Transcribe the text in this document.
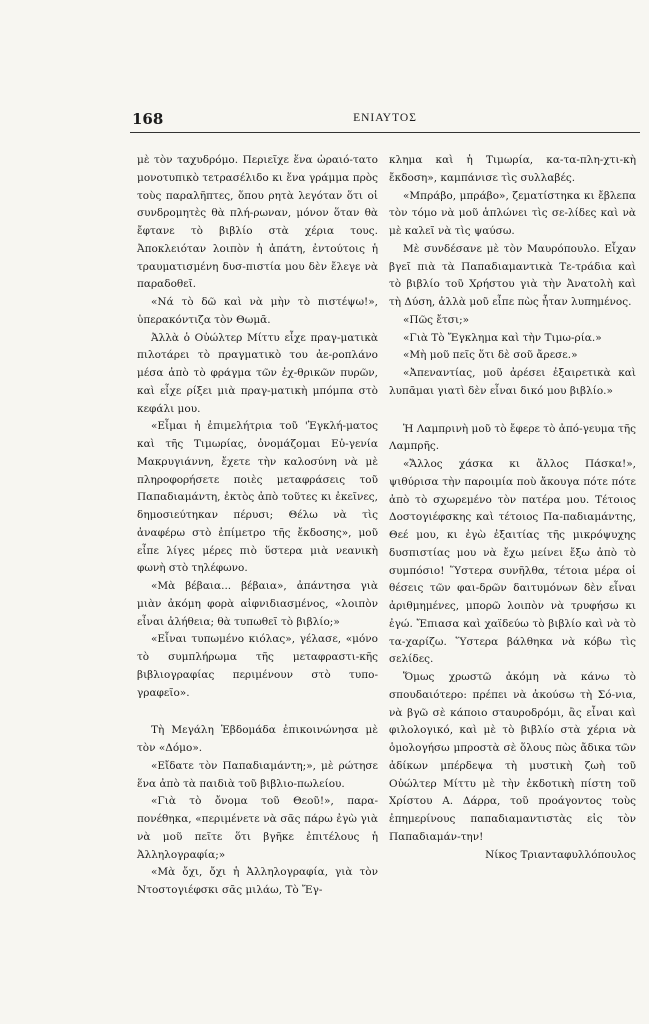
168	ΕΝΙΑΥΤΟΣ

μὲ τὸν ταχυδρόμο. Περιεῖχε ἕνα ὡραιό-τατο μονοτυπικὸ τετρασέλιδο κι ἕνα γράμμα πρὸς τοὺς παραλῆπτες, ὅπου ρητὰ λεγόταν ὅτι οἱ συνδρομητὲς θὰ πλή-ρωναν, μόνον ὅταν θὰ ἔφτανε τὸ βιβλίο στὰ χέρια τους. Ἀποκλειόταν λοιπὸν ἡ ἀπάτη, ἐντούτοις ἡ τραυματισμένη δυσ-πιστία μου δὲν ἔλεγε νὰ παραδοθεῖ.

«Νά τὸ δῶ καὶ νὰ μὴν τὸ πιστέψω!», ὑπερακόντιζα τὸν Θωμᾶ.

Ἀλλὰ ὁ Οὐώλτερ Μίττυ εἶχε πραγ-ματικὰ πιλοτάρει τὸ πραγματικὸ του ἀε-ροπλάνο μέσα ἀπὸ τὸ φράγμα τῶν ἐχ-θρικῶν πυρῶν, καὶ εἶχε ρίξει μιὰ πραγ-ματικὴ μπόμπα στὸ κεφάλι μου.

«Εἶμαι ἡ ἐπιμελήτρια τοῦ 'Ἐγκλή-ματος καὶ τῆς Τιμωρίας, ὀνομάζομαι Εὐ-γενία Μακρυγιάννη, ἔχετε τὴν καλοσύνη νὰ μὲ πληροφορήσετε ποιὲς μεταφράσεις τοῦ Παπαδιαμάντη, ἐκτὸς ἀπὸ τοῦτες κι ἐκεῖνες, δημοσιεύτηκαν πέρυσι; Θέλω νὰ τὶς ἀναφέρω στὸ ἐπίμετρο τῆς ἔκδοσης», μοῦ εἶπε λίγες μέρες πιὸ ὕστερα μιὰ νεανικὴ φωνὴ στὸ τηλέφωνο.

«Μὰ βέβαια... βέβαια», ἀπάντησα γιὰ μιὰν ἀκόμη φορὰ αἰφνιδιασμένος, «λοιπὸν εἶναι ἀλήθεια; θὰ τυπωθεῖ τὸ βιβλίο;»

«Εἶναι τυπωμένο κιόλας», γέλασε, «μόνο τὸ συμπλήρωμα τῆς μεταφραστι-κῆς βιβλιογραφίας περιμένουν στὸ τυπο-γραφεῖο».

Τὴ Μεγάλη Ἑβδομάδα ἐπικοινώνησα μὲ τὸν «Δόμο».

«Εἴδατε τὸν Παπαδιαμάντη;», μὲ ρώτησε ἕνα ἀπὸ τὰ παιδιὰ τοῦ βιβλιο-πωλείου.

«Γιὰ τὸ ὄνομα τοῦ Θεοῦ!», παρα-πονέθηκα, «περιμένετε νὰ σᾶς πάρω ἐγὼ γιὰ νὰ μοῦ πεῖτε ὅτι βγῆκε ἐπιτέλους ἡ Ἀλληλογραφία;»

«Μὰ ὄχι, ὄχι ἡ Ἀλληλογραφία, γιὰ τὸν Ντοστογιέφσκι σᾶς μιλάω, Τὸ Ἔγ-

κλημα καὶ ἡ Τιμωρία, κα-τα-πλη-χτι-κὴ ἔκδοση», καμπάνισε τὶς συλλαβές.

«Μπράβο, μπράβο», ζεματίστηκα κι ἔβλεπα τὸν τόμο νὰ μοῦ ἁπλώνει τὶς σε-λίδες καὶ νὰ μὲ καλεῖ νὰ τὶς ψαύσω.

Μὲ συνδέσανε μὲ τὸν Μαυρόπουλο. Εἶχαν βγεῖ πιὰ τὰ Παπαδιαμαντικὰ Τε-τράδια καὶ τὸ βιβλίο τοῦ Χρήστου γιὰ τὴν Ἀνατολὴ καὶ τὴ Δύση, ἀλλὰ μοῦ εἶπε πὼς ἦταν λυπημένος.

«Πῶς ἔτσι;»

«Γιὰ Τὸ Ἔγκλημα καὶ τὴν Τιμω-ρία.»

«Μὴ μοῦ πεῖς ὅτι δὲ σοῦ ἄρεσε.»

«Ἀπεναντίας, μοῦ ἀρέσει ἐξαιρετικὰ καὶ λυπᾶμαι γιατὶ δὲν εἶναι δικό μου βιβλίο.»

Ἡ Λαμπρινὴ μοῦ τὸ ἔφερε τὸ ἀπό-γευμα τῆς Λαμπρῆς.

«Ἄλλος χάσκα κι ἄλλος Πάσκα!», ψιθύρισα τὴν παροιμία ποὺ ἄκουγα πότε πότε ἀπὸ τὸ σχωρεμένο τὸν πατέρα μου. Τέτοιος Δοστογιέφσκης καὶ τέτοιος Πα-παδιαμάντης, Θεέ μου, κι ἐγὼ ἐξαιτίας τῆς μικρόψυχης δυσπιστίας μου νὰ ἔχω μείνει ἔξω ἀπὸ τὸ συμπόσιο! Ὕστερα συνῆλθα, τέτοια μέρα οἱ θέσεις τῶν φαι-δρῶν δαιτυμόνων δὲν εἶναι ἀριθμημένες, μπορῶ λοιπὸν νὰ τρυφήσω κι ἐγώ. Ἔπιασα καὶ χαϊδεύω τὸ βιβλίο καὶ νὰ τὸ τα-χαρίζω. Ὕστερα βάλθηκα νὰ κόβω τὶς σελίδες.

Ὅμως χρωστῶ ἀκόμη νὰ κάνω τὸ σπουδαιότερο: πρέπει νὰ ἀκούσω τὴ Σό-νια, νὰ βγῶ σὲ κάποιο σταυροδρόμι, ἂς εἶναι καὶ φιλολογικό, καὶ μὲ τὸ βιβλίο στὰ χέρια νὰ ὁμολογήσω μπροστὰ σὲ ὅλους πὼς ἄδικα τῶν ἀδίκων μπέρδεψα τὴ μυστικὴ ζωὴ τοῦ Οὐώλτερ Μίττυ μὲ τὴν ἐκδοτικὴ πίστη τοῦ Χρίστου Α. Δάρρα, τοῦ προάγοντος τοὺς ἐπημερίνους παπαδιαμαντιστὰς εἰς τὸν Παπαδιαμάν-την!

Νίκος Τριανταφυλλόπουλος
